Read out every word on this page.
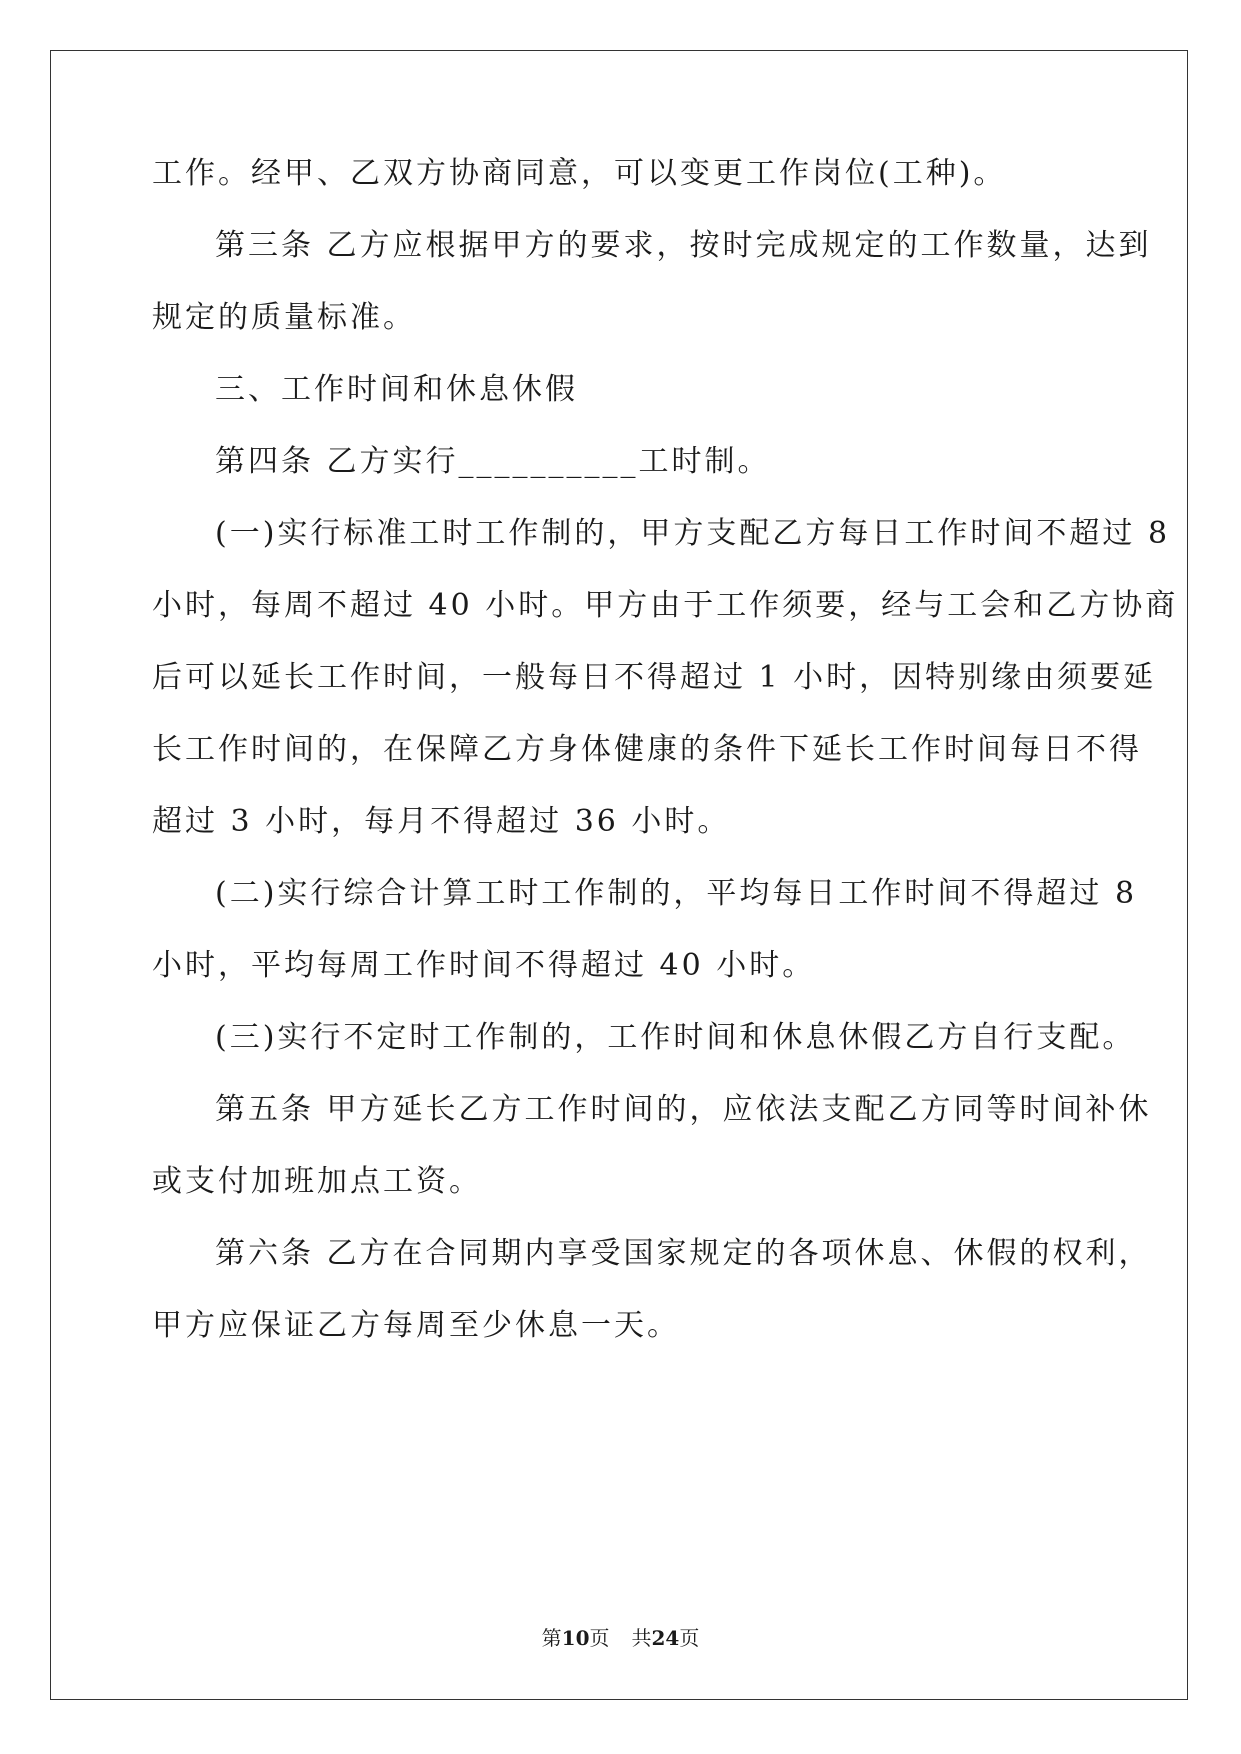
工作。经甲、乙双方协商同意，可以变更工作岗位(工种)。
第三条 乙方应根据甲方的要求，按时完成规定的工作数量，达到
规定的质量标准。
三、工作时间和休息休假
第四条 乙方实行__________工时制。
(一)实行标准工时工作制的，甲方支配乙方每日工作时间不超过 8
小时，每周不超过 40 小时。甲方由于工作须要，经与工会和乙方协商
后可以延长工作时间，一般每日不得超过 1 小时，因特别缘由须要延
长工作时间的，在保障乙方身体健康的条件下延长工作时间每日不得
超过 3 小时，每月不得超过 36 小时。
(二)实行综合计算工时工作制的，平均每日工作时间不得超过 8
小时，平均每周工作时间不得超过 40 小时。
(三)实行不定时工作制的，工作时间和休息休假乙方自行支配。
第五条 甲方延长乙方工作时间的，应依法支配乙方同等时间补休
或支付加班加点工资。
第六条 乙方在合同期内享受国家规定的各项休息、休假的权利，
甲方应保证乙方每周至少休息一天。
第10页 共24页
